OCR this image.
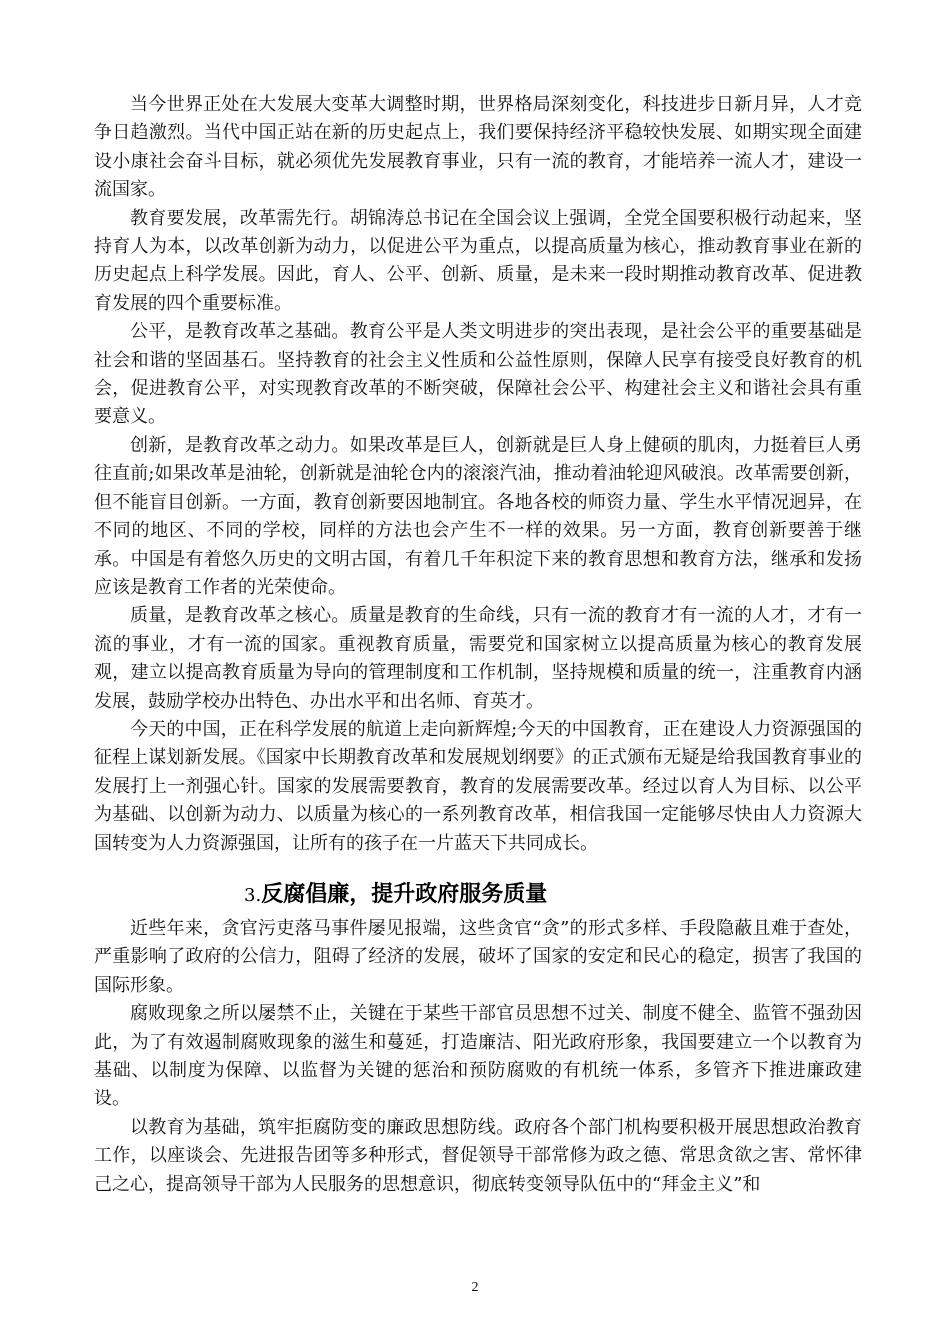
当今世界正处在大发展大变革大调整时期，世界格局深刻变化，科技进步日新月异，人才竞争日趋激烈。当代中国正站在新的历史起点上，我们要保持经济平稳较快发展、如期实现全面建设小康社会奋斗目标，就必须优先发展教育事业，只有一流的教育，才能培养一流人才，建设一流国家。

教育要发展，改革需先行。胡锦涛总书记在全国会议上强调，全党全国要积极行动起来，坚持育人为本，以改革创新为动力，以促进公平为重点，以提高质量为核心，推动教育事业在新的历史起点上科学发展。因此，育人、公平、创新、质量，是未来一段时期推动教育改革、促进教育发展的四个重要标准。

公平，是教育改革之基础。教育公平是人类文明进步的突出表现，是社会公平的重要基础是社会和谐的坚固基石。坚持教育的社会主义性质和公益性原则，保障人民享有接受良好教育的机会，促进教育公平，对实现教育改革的不断突破，保障社会公平、构建社会主义和谐社会具有重要意义。

创新，是教育改革之动力。如果改革是巨人，创新就是巨人身上健硕的肌肉，力挺着巨人勇往直前;如果改革是油轮，创新就是油轮仓内的滚滚汽油，推动着油轮迎风破浪。改革需要创新，但不能盲目创新。一方面，教育创新要因地制宜。各地各校的师资力量、学生水平情况迥异，在不同的地区、不同的学校，同样的方法也会产生不一样的效果。另一方面，教育创新要善于继承。中国是有着悠久历史的文明古国，有着几千年积淀下来的教育思想和教育方法，继承和发扬应该是教育工作者的光荣使命。

质量，是教育改革之核心。质量是教育的生命线，只有一流的教育才有一流的人才，才有一流的事业，才有一流的国家。重视教育质量，需要党和国家树立以提高质量为核心的教育发展观，建立以提高教育质量为导向的管理制度和工作机制，坚持规模和质量的统一，注重教育内涵发展，鼓励学校办出特色、办出水平和出名师、育英才。

今天的中国，正在科学发展的航道上走向新辉煌;今天的中国教育，正在建设人力资源强国的征程上谋划新发展。《国家中长期教育改革和发展规划纲要》的正式颁布无疑是给我国教育事业的发展打上一剂强心针。国家的发展需要教育，教育的发展需要改革。经过以育人为目标、以公平为基础、以创新为动力、以质量为核心的一系列教育改革，相信我国一定能够尽快由人力资源大国转变为人力资源强国，让所有的孩子在一片蓝天下共同成长。

3.反腐倡廉，提升政府服务质量

近些年来，贪官污吏落马事件屡见报端，这些贪官“贪”的形式多样、手段隐蔽且难于查处，严重影响了政府的公信力，阻碍了经济的发展，破坏了国家的安定和民心的稳定，损害了我国的国际形象。

腐败现象之所以屡禁不止，关键在于某些干部官员思想不过关、制度不健全、监管不强劲因此，为了有效遏制腐败现象的滋生和蔓延，打造廉洁、阳光政府形象，我国要建立一个以教育为基础、以制度为保障、以监督为关键的惩治和预防腐败的有机统一体系，多管齐下推进廉政建设。

以教育为基础，筑牢拒腐防变的廉政思想防线。政府各个部门机构要积极开展思想政治教育工作，以座谈会、先进报告团等多种形式，督促领导干部常修为政之德、常思贪欲之害、常怀律己之心，提高领导干部为人民服务的思想意识，彻底转变领导队伍中的“拜金主义”和

2
